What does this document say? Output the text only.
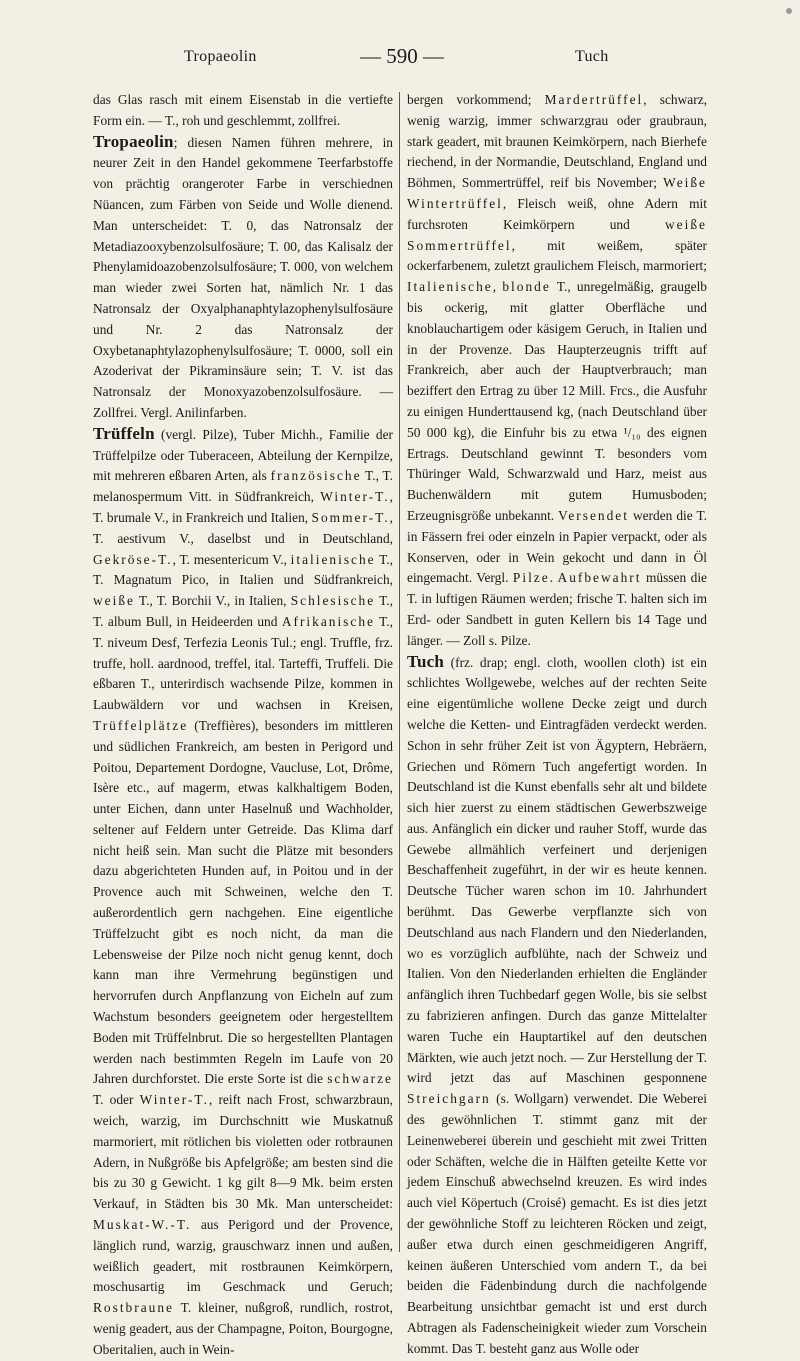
Tropaeolin	— 590 —	Tuch

das Glas rasch mit einem Eisenstab in die vertiefte Form ein. — T., roh und geschlemmt, zollfrei.

Tropaeolin; diesen Namen führen mehrere, in neurer Zeit in den Handel gekommene Teerfarbstoffe von prächtig orangeroter Farbe in verschiednen Nüancen, zum Färben von Seide und Wolle dienend. Man unterscheidet: T. 0, das Natronsalz der Metadiazooxybenzolsulfosäure; T. 00, das Kalisalz der Phenylamidoazobenzolsulfosäure; T. 000, von welchem man wieder zwei Sorten hat, nämlich Nr. 1 das Natronsalz der Oxyalphanaphtylazophenylsulfosäure und Nr. 2 das Natronsalz der Oxybetanaphtylazophenylsulfosäure; T. 0000, soll ein Azoderivat der Pikraminsäure sein; T. V. ist das Natronsalz der Monoxyazobenzolsulfosäure. — Zollfrei. Vergl. Anilinfarben.

Trüffeln (vergl. Pilze), Tuber Michh., Familie der Trüffelpilze oder Tuberaceen, Abteilung der Kernpilze, mit mehreren eßbaren Arten, als französische T., T. melanospermum Vitt. in Südfrankreich, Winter-T., T. brumale V., in Frankreich und Italien, Sommer-T., T. aestivum V., daselbst und in Deutschland, Gekröse-T., T. mesentericum V., italienische T., T. Magnatum Pico, in Italien und Südfrankreich, weiße T., T. Borchii V., in Italien, Schlesische T., T. album Bull, in Heideerden und Afrikanische T., T. niveum Desf, Terfezia Leonis Tul.; engl. Truffle, frz. truffe, holl. aardnood, treffel, ital. Tarteffi, Truffeli. Die eßbaren T., unterirdisch wachsende Pilze, kommen in Laubwäldern vor und wachsen in Kreisen, Trüffelplätze (Treffières), besonders im mittleren und südlichen Frankreich, am besten in Perigord und Poitou, Departement Dordogne, Vaucluse, Lot, Drôme, Isère etc., auf magerm, etwas kalkhaltigem Boden, unter Eichen, dann unter Haselnuß und Wachholder, seltener auf Feldern unter Getreide. Das Klima darf nicht heiß sein. Man sucht die Plätze mit besonders dazu abgerichteten Hunden auf, in Poitou und in der Provence auch mit Schweinen, welche den T. außerordentlich gern nachgehen. Eine eigentliche Trüffelzucht gibt es noch nicht, da man die Lebensweise der Pilze noch nicht genug kennt, doch kann man ihre Vermehrung begünstigen und hervorrufen durch Anpflanzung von Eicheln auf zum Wachstum besonders geeignetem oder hergestelltem Boden mit Trüffelnbrut. Die so hergestellten Plantagen werden nach bestimmten Regeln im Laufe von 20 Jahren durchforstet. Die erste Sorte ist die schwarze T. oder Winter-T., reift nach Frost, schwarzbraun, weich, warzig, im Durchschnitt wie Muskatnuß marmoriert, mit rötlichen bis violetten oder rotbraunen Adern, in Nußgröße bis Apfelgröße; am besten sind die bis zu 30 g Gewicht. 1 kg gilt 8—9 Mk. beim ersten Verkauf, in Städten bis 30 Mk. Man unterscheidet: Muskat-W.-T. aus Perigord und der Provence, länglich rund, warzig, grauschwarz innen und außen, weißlich geadert, mit rostbraunen Keimkörpern, moschusartig im Geschmack und Geruch; Rostbraune T. kleiner, nußgroß, rundlich, rostrot, wenig geadert, aus der Champagne, Poiton, Bourgogne, Oberitalien, auch in Wein-

bergen vorkommend; Mardertrüffel, schwarz, wenig warzig, immer schwarzgrau oder graubraun, stark geadert, mit braunen Keimkörpern, nach Bierhefe riechend, in der Normandie, Deutschland, England und Böhmen, Sommertrüffel, reif bis November; Weiße Wintertrüffel, Fleisch weiß, ohne Adern mit furchsroten Keimkörpern und weiße Sommertrüffel, mit weißem, später ockerfarbenem, zuletzt graulichem Fleisch, marmoriert; Italienische, blonde T., unregelmäßig, graugelb bis ockerig, mit glatter Oberfläche und knoblauchartigem oder käsigem Geruch, in Italien und in der Provenze. Das Haupterzeugnis trifft auf Frankreich, aber auch der Hauptverbrauch; man beziffert den Ertrag zu über 12 Mill. Frcs., die Ausfuhr zu einigen Hunderttausend kg, (nach Deutschland über 50 000 kg), die Einfuhr bis zu etwa ¹/₁₀ des eignen Ertrags. Deutschland gewinnt T. besonders vom Thüringer Wald, Schwarzwald und Harz, meist aus Buchenwäldern mit gutem Humusboden; Erzeugnisgröße unbekannt. Versendet werden die T. in Fässern frei oder einzeln in Papier verpackt, oder als Konserven, oder in Wein gekocht und dann in Öl eingemacht. Vergl. Pilze. Aufbewahrt müssen die T. in luftigen Räumen werden; frische T. halten sich im Erd- oder Sandbett in guten Kellern bis 14 Tage und länger. — Zoll s. Pilze.

Tuch (frz. drap; engl. cloth, woollen cloth) ist ein schlichtes Wollgewebe, welches auf der rechten Seite eine eigentümliche wollene Decke zeigt und durch welche die Ketten- und Eintragfäden verdeckt werden. Schon in sehr früher Zeit ist von Ägyptern, Hebräern, Griechen und Römern Tuch angefertigt worden. In Deutschland ist die Kunst ebenfalls sehr alt und bildete sich hier zuerst zu einem städtischen Gewerbszweige aus. Anfänglich ein dicker und rauher Stoff, wurde das Gewebe allmählich verfeinert und derjenigen Beschaffenheit zugeführt, in der wir es heute kennen. Deutsche Tücher waren schon im 10. Jahrhundert berühmt. Das Gewerbe verpflanzte sich von Deutschland aus nach Flandern und den Niederlanden, wo es vorzüglich aufblühte, nach der Schweiz und Italien. Von den Niederlanden erhielten die Engländer anfänglich ihren Tuchbedarf gegen Wolle, bis sie selbst zu fabrizieren anfingen. Durch das ganze Mittelalter waren Tuche ein Hauptartikel auf den deutschen Märkten, wie auch jetzt noch. — Zur Herstellung der T. wird jetzt das auf Maschinen gesponnene Streichgarn (s. Wollgarn) verwendet. Die Weberei des gewöhnlichen T. stimmt ganz mit der Leinenweberei überein und geschieht mit zwei Tritten oder Schäften, welche die in Hälften geteilte Kette vor jedem Einschuß abwechselnd kreuzen. Es wird indes auch viel Köpertuch (Croisé) gemacht. Es ist dies jetzt der gewöhnliche Stoff zu leichteren Röcken und zeigt, außer etwa durch einen geschmeidigeren Angriff, keinen äußeren Unterschied vom andern T., da bei beiden die Fädenbindung durch die nachfolgende Bearbeitung unsichtbar gemacht ist und erst durch Abtragen als Fadenscheinigkeit wieder zum Vorschein kommt. Das T. besteht ganz aus Wolle oder
